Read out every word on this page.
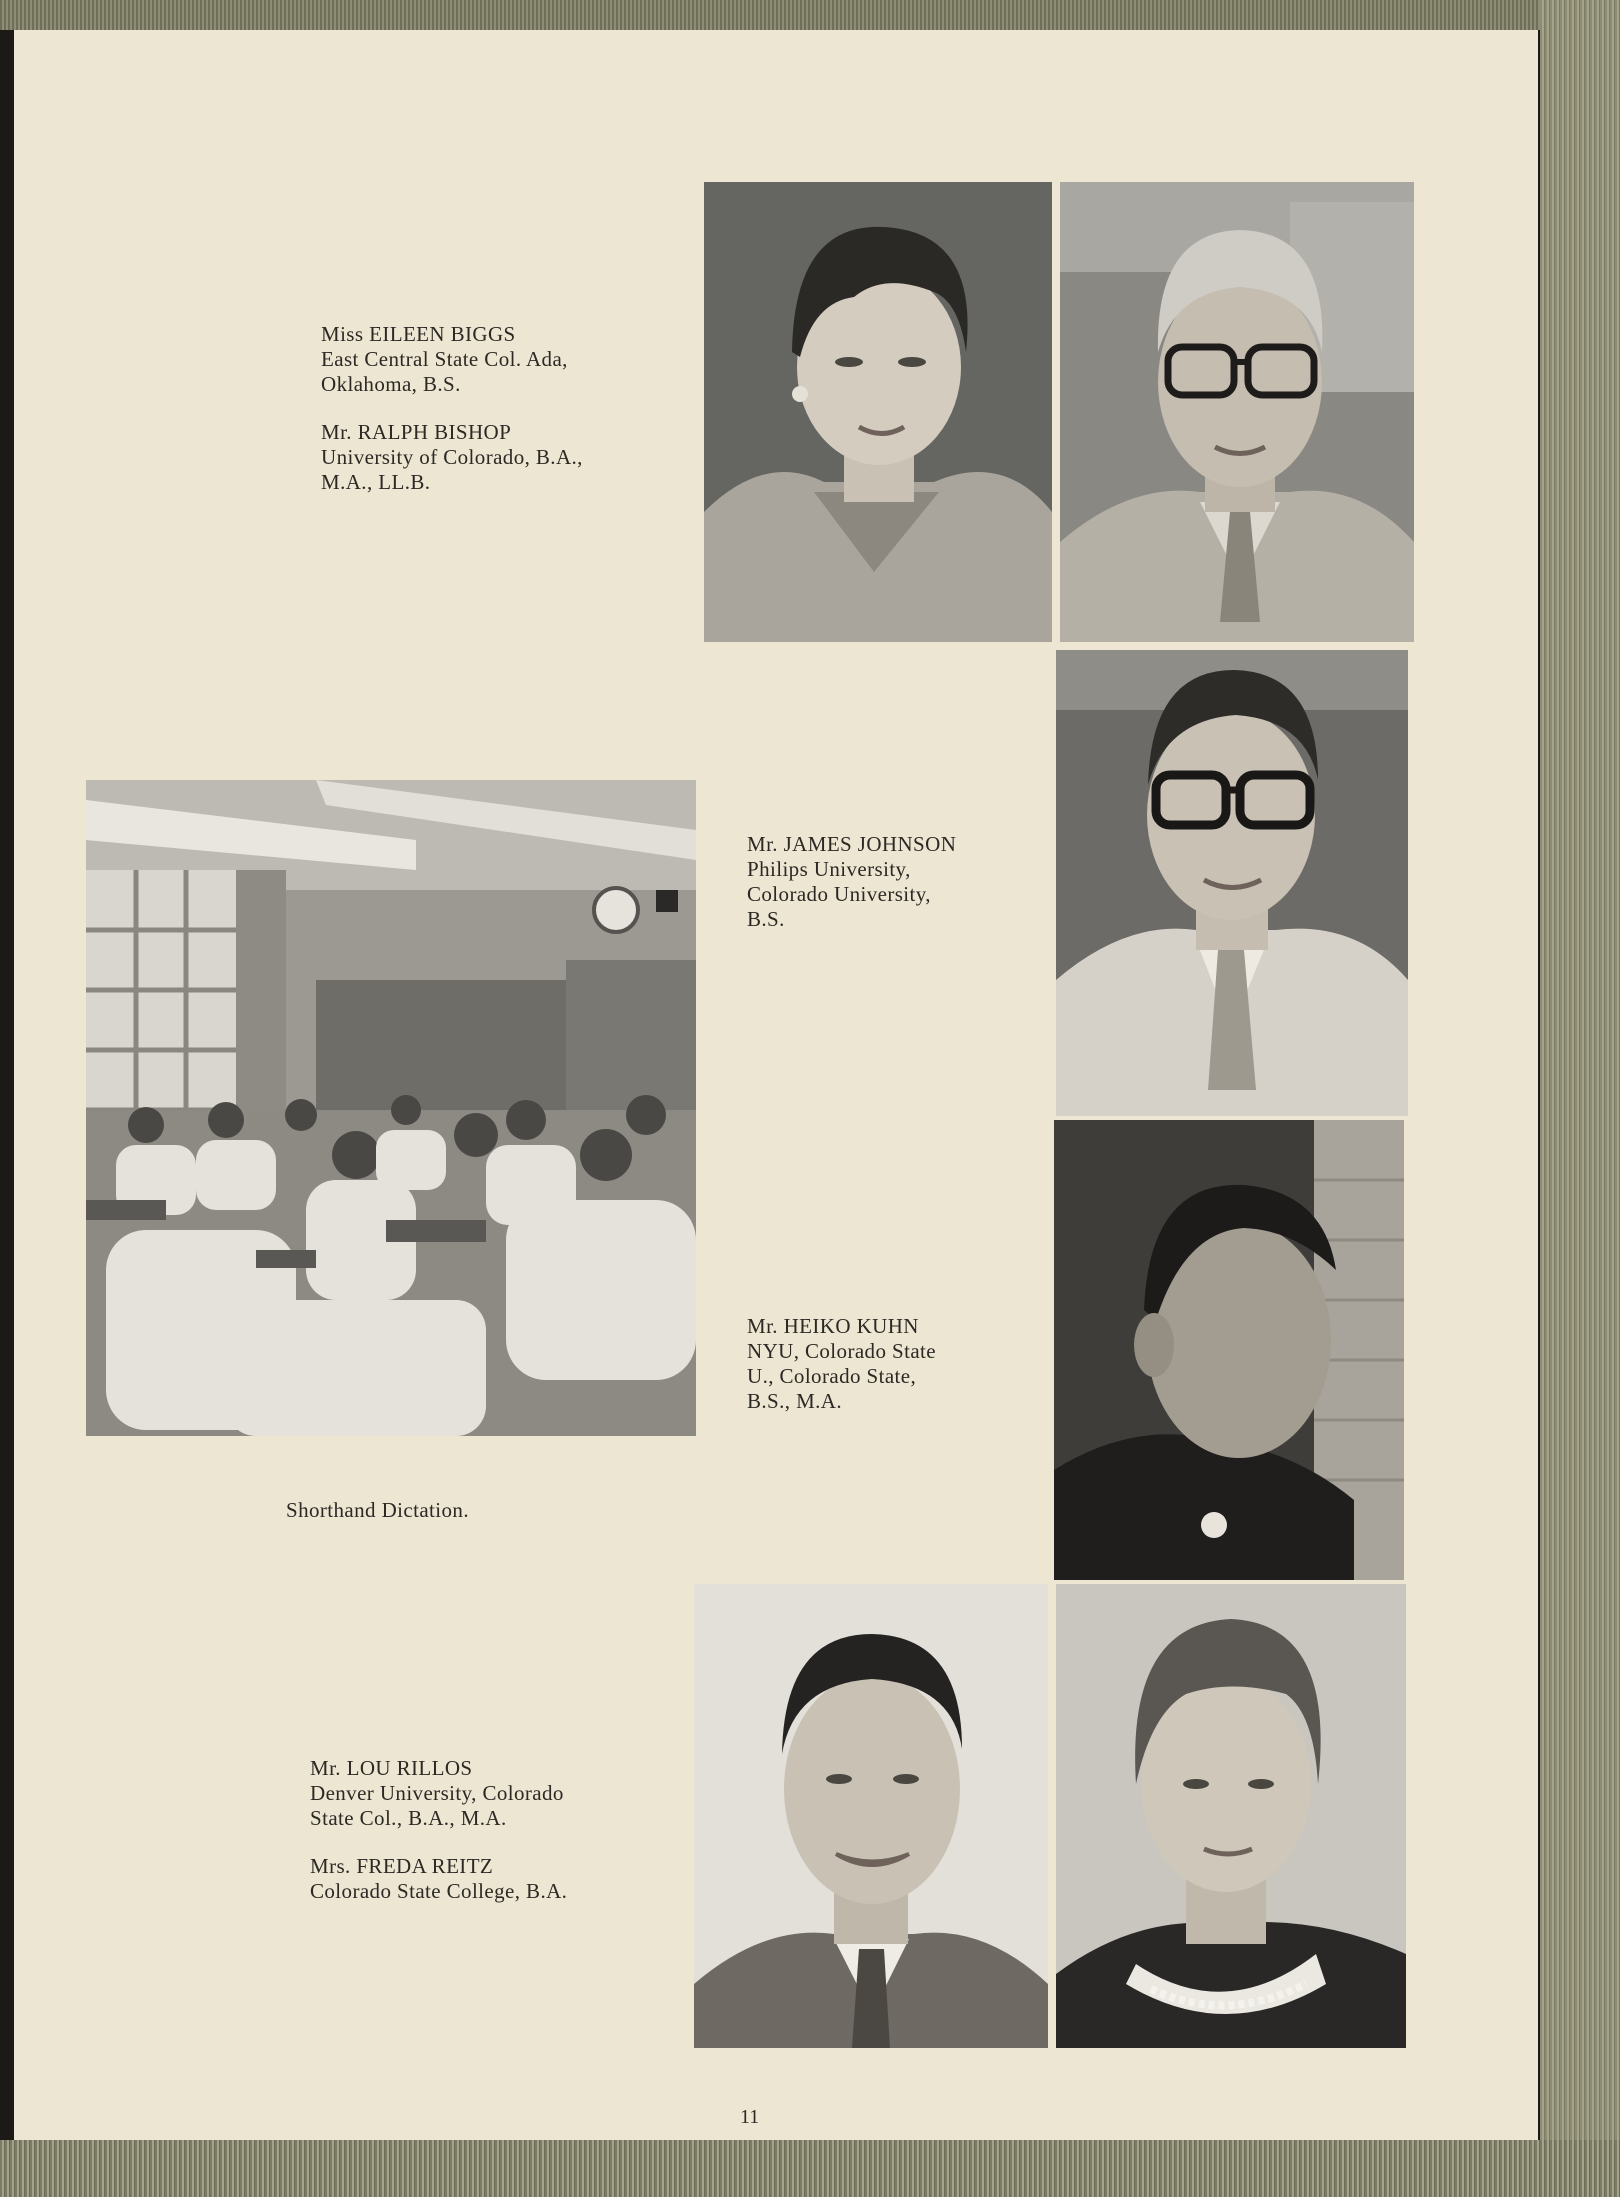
Miss EILEEN BIGGS
East Central State Col. Ada,
Oklahoma, B.S.
Mr. RALPH BISHOP
University of Colorado, B.A.,
M.A., LL.B.
Mr. JAMES JOHNSON
Philips University,
Colorado University,
B.S.
Mr. HEIKO KUHN
NYU, Colorado State
U., Colorado State,
B.S., M.A.
Mr. LOU RILLOS
Denver University, Colorado
State Col., B.A., M.A.
Mrs. FREDA REITZ
Colorado State College, B.A.
Shorthand Dictation.
11
